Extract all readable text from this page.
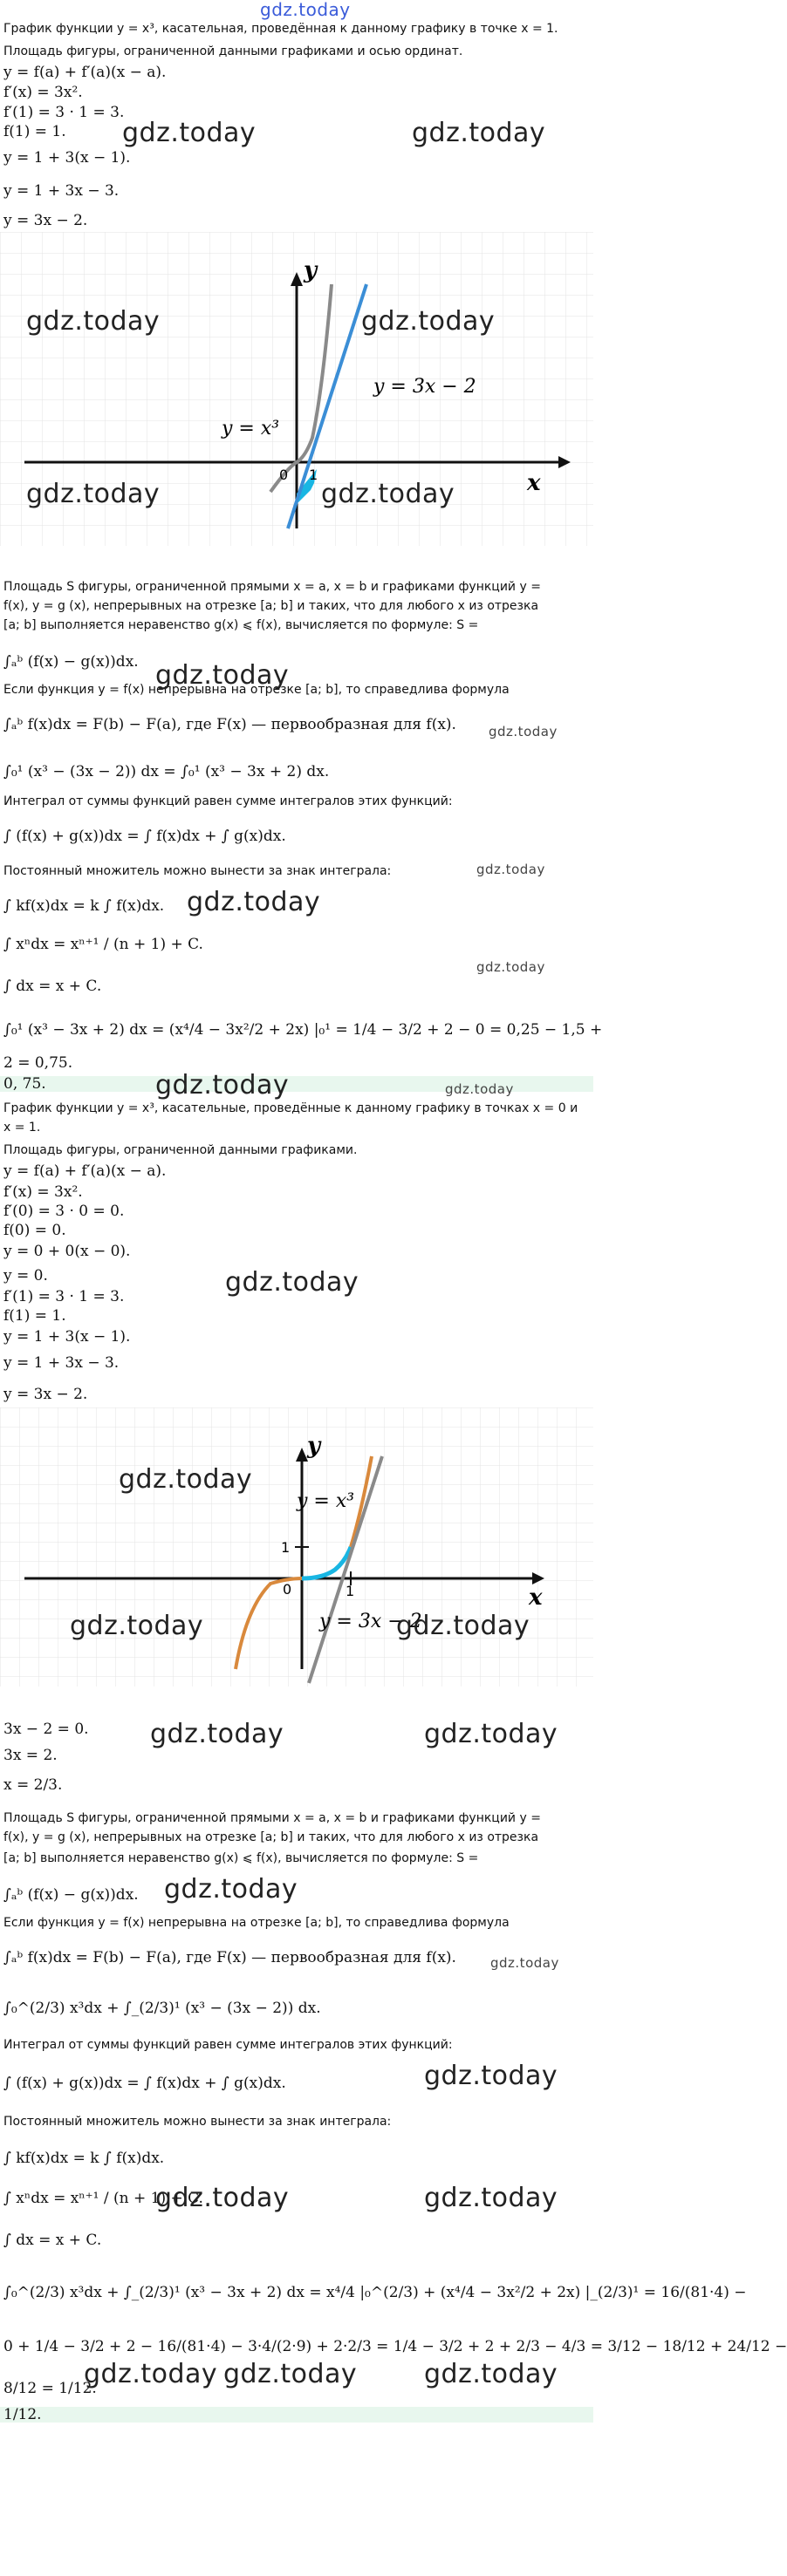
gdz.today
График функции y = x³, касательная, проведённая к данному графику в точке x = 1.
Площадь фигуры, ограниченной данными графиками и осью ординат.
y = f(a) + f′(a)(x − a).
f′(x) = 3x².
f′(1) = 3 · 1 = 3.
f(1) = 1.
y = 1 + 3(x − 1).
y = 1 + 3x − 3.
y = 3x − 2.
gdz.today	gdz.today
y = x³
y = 3x − 2
y
x
0 1
gdz.today	gdz.today
gdz.today	gdz.today
Площадь S фигуры, ограниченной прямыми x = a, x = b и графиками функций y =
f(x), y = g (x), непрерывных на отрезке [a; b] и таких, что для любого x из отрезка
[a; b] выполняется неравенство g(x) ⩽ f(x), вычисляется по формуле: S =
∫ₐᵇ (f(x) − g(x))dx.
Если функция y = f(x) непрерывна на отрезке [a; b], то справедлива формула
∫ₐᵇ f(x)dx = F(b) − F(a), где F(x) — первообразная для f(x).
∫₀¹ (x³ − (3x − 2)) dx = ∫₀¹ (x³ − 3x + 2) dx.
Интеграл от суммы функций равен сумме интегралов этих функций:
∫ (f(x) + g(x))dx = ∫ f(x)dx + ∫ g(x)dx.
Постоянный множитель можно вынести за знак интеграла:
∫ kf(x)dx = k ∫ f(x)dx.
∫ xⁿdx = xⁿ⁺¹ / (n + 1) + C.
∫ dx = x + C.
∫₀¹ (x³ − 3x + 2) dx = (x⁴/4 − 3x²/2 + 2x) |₀¹ = 1/4 − 3/2 + 2 − 0 = 0,25 − 1,5 +
2 = 0,75.
0, 75.
gdz.today
gdz.today
gdz.today
gdz.today
gdz.today
gdz.today	gdz.today
График функции y = x³, касательные, проведённые к данному графику в точках x = 0 и
x = 1.
Площадь фигуры, ограниченной данными графиками.
y = f(a) + f′(a)(x − a).
f′(x) = 3x².
f′(0) = 3 · 0 = 0.
f(0) = 0.
y = 0 + 0(x − 0).
y = 0.
f′(1) = 3 · 1 = 3.
f(1) = 1.
y = 1 + 3(x − 1).
y = 1 + 3x − 3.
y = 3x − 2.
gdz.today
y = x³
y = 3x − 2
y
x
0	1
1
gdz.today
gdz.today	gdz.today
3x − 2 = 0.
3x = 2.
x = 2/3.
gdz.today	gdz.today
Площадь S фигуры, ограниченной прямыми x = a, x = b и графиками функций y =
f(x), y = g (x), непрерывных на отрезке [a; b] и таких, что для любого x из отрезка
[a; b] выполняется неравенство g(x) ⩽ f(x), вычисляется по формуле: S =
∫ₐᵇ (f(x) − g(x))dx.
Если функция y = f(x) непрерывна на отрезке [a; b], то справедлива формула
∫ₐᵇ f(x)dx = F(b) − F(a), где F(x) — первообразная для f(x).
∫₀^(2/3) x³dx + ∫_(2/3)¹ (x³ − (3x − 2)) dx.
Интеграл от суммы функций равен сумме интегралов этих функций:
∫ (f(x) + g(x))dx = ∫ f(x)dx + ∫ g(x)dx.
Постоянный множитель можно вынести за знак интеграла:
∫ kf(x)dx = k ∫ f(x)dx.
∫ xⁿdx = xⁿ⁺¹ / (n + 1) + C.
∫ dx = x + C.
∫₀^(2/3) x³dx + ∫_(2/3)¹ (x³ − 3x + 2) dx = x⁴/4 |₀^(2/3) + (x⁴/4 − 3x²/2 + 2x) |_(2/3)¹ = 16/(81·4) −
0 + 1/4 − 3/2 + 2 − 16/(81·4) − 3·4/(2·9) + 2·2/3 = 1/4 − 3/2 + 2 + 2/3 − 4/3 = 3/12 − 18/12 + 24/12 −
8/12 = 1/12.
1/12.
gdz.today
gdz.today
gdz.today
gdz.today	gdz.today
gdz.today gdz.today	gdz.today
